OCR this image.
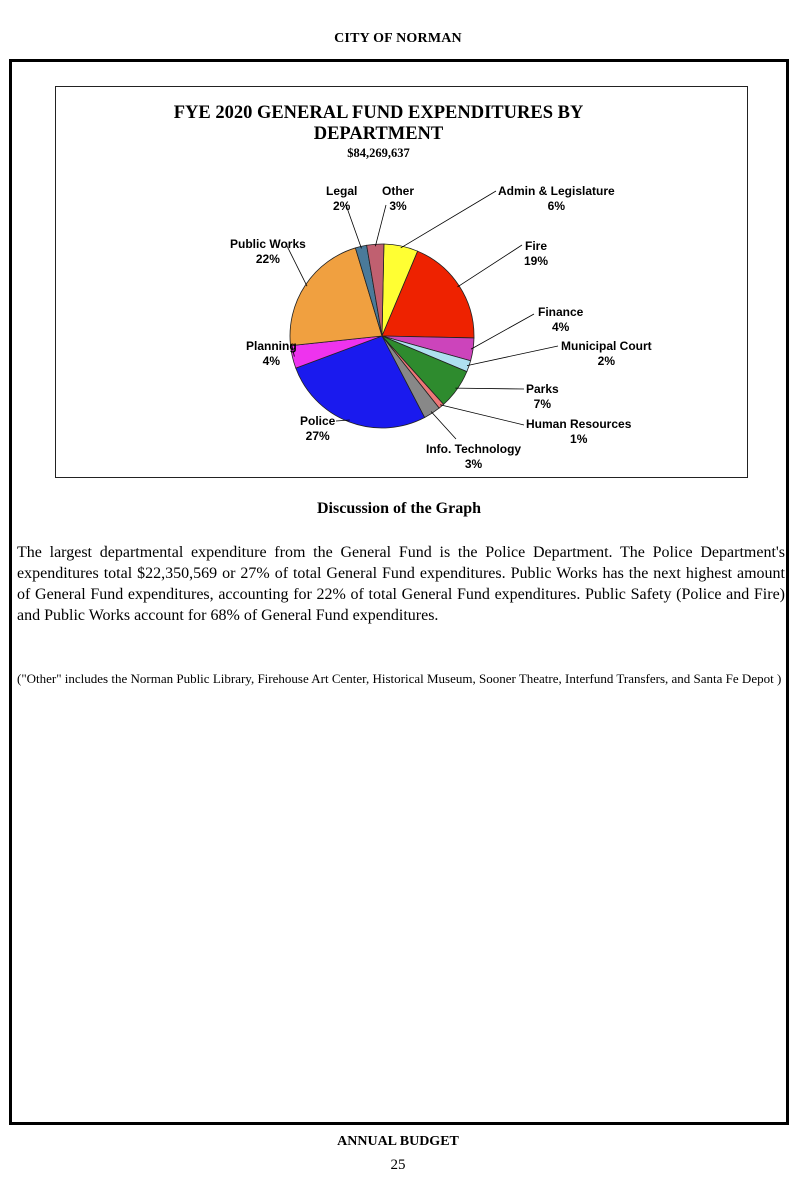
CITY OF NORMAN
FYE 2020 GENERAL FUND EXPENDITURES BY
DEPARTMENT
$84,269,637
Admin & Legislature
6%
Fire
19%
Finance
4%
Municipal Court
2%
Parks
7%
Human Resources
1%
Info. Technology
3%
Police
27%
Planning
4%
Public Works
22%
Legal
2%
Other
3%
Discussion of the Graph

The largest departmental expenditure from the General Fund is the Police Department. The Police Department's expenditures total $22,350,569 or 27% of total General Fund expenditures. Public Works has the next highest amount of General Fund expenditures, accounting for 22% of total General Fund expenditures. Public Safety (Police and Fire) and Public Works account for 68% of General Fund expenditures.

("Other" includes the Norman Public Library, Firehouse Art Center, Historical Museum, Sooner Theatre, Interfund Transfers, and Santa Fe Depot )

ANNUAL BUDGET
25
